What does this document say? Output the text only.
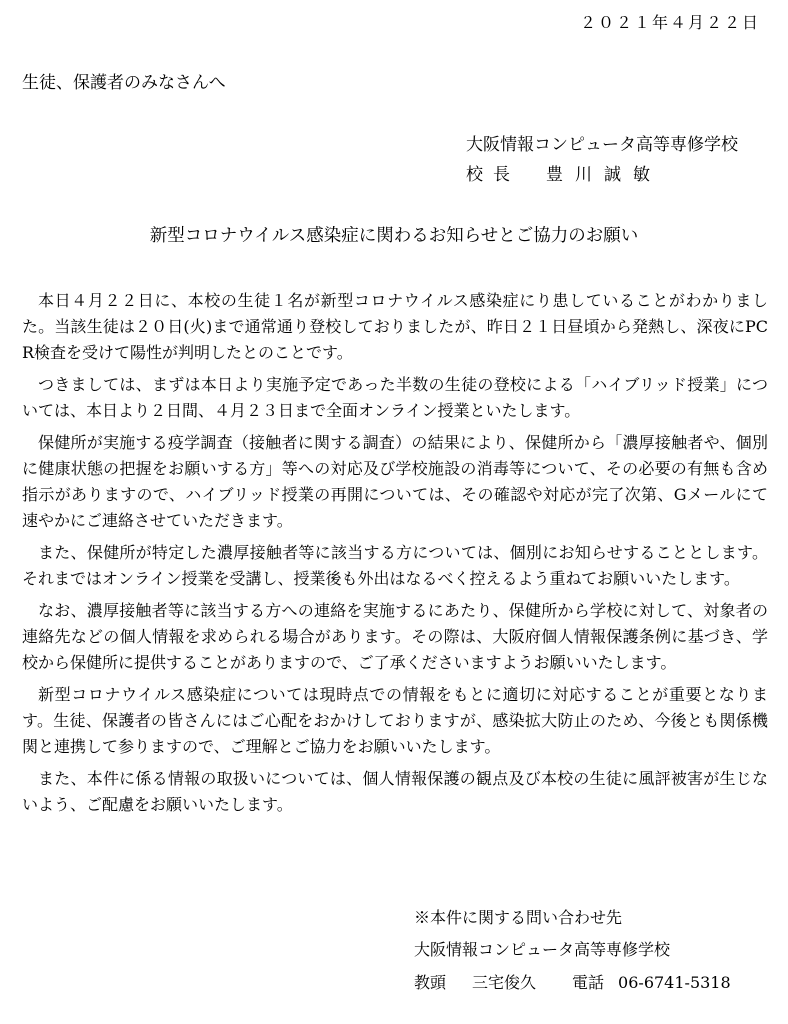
２０２１年４月２２日
生徒、保護者のみなさんへ
大阪情報コンピュータ高等専修学校
校長 豊川誠敏
新型コロナウイルス感染症に関わるお知らせとご協力のお願い

本日４月２２日に、本校の生徒１名が新型コロナウイルス感染症にり患していることがわかりました。当該生徒は２０日(火)まで通常通り登校しておりましたが、昨日２１日昼頃から発熱し、深夜にPCR検査を受けて陽性が判明したとのことです。

つきましては、まずは本日より実施予定であった半数の生徒の登校による「ハイブリッド授業」については、本日より２日間、４月２３日まで全面オンライン授業といたします。

保健所が実施する疫学調査（接触者に関する調査）の結果により、保健所から「濃厚接触者や、個別に健康状態の把握をお願いする方」等への対応及び学校施設の消毒等について、その必要の有無も含め指示がありますので、ハイブリッド授業の再開については、その確認や対応が完了次第、Gメールにて速やかにご連絡させていただきます。

また、保健所が特定した濃厚接触者等に該当する方については、個別にお知らせすることとします。それまではオンライン授業を受講し、授業後も外出はなるべく控えるよう重ねてお願いいたします。

なお、濃厚接触者等に該当する方への連絡を実施するにあたり、保健所から学校に対して、対象者の連絡先などの個人情報を求められる場合があります。その際は、大阪府個人情報保護条例に基づき、学校から保健所に提供することがありますので、ご了承くださいますようお願いいたします。

新型コロナウイルス感染症については現時点での情報をもとに適切に対応することが重要となります。生徒、保護者の皆さんにはご心配をおかけしておりますが、感染拡大防止のため、今後とも関係機関と連携して参りますので、ご理解とご協力をお願いいたします。

また、本件に係る情報の取扱いについては、個人情報保護の観点及び本校の生徒に風評被害が生じないよう、ご配慮をお願いいたします。

※本件に関する問い合わせ先
大阪情報コンピュータ高等専修学校
教頭 三宅俊久 電話 06-6741-5318
